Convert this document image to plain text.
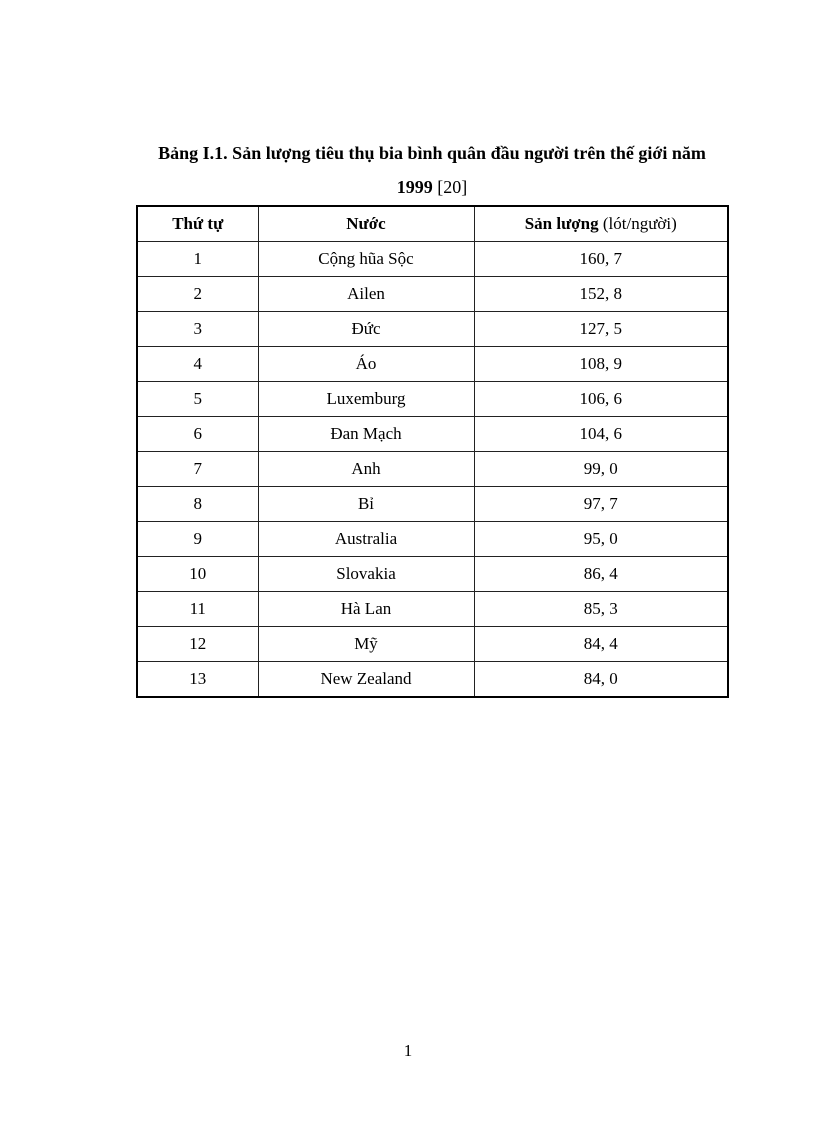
Bảng I.1. Sản lượng tiêu thụ bia bình quân đầu người trên thế giới năm
1999 [20]
Thứ tự	Nước	Sản lượng (lót/người)
1	Cộng hũa Sộc	160, 7
2	Ailen	152, 8
3	Đức	127, 5
4	Áo	108, 9
5	Luxemburg	106, 6
6	Đan Mạch	104, 6
7	Anh	99, 0
8	Bỉ	97, 7
9	Australia	95, 0
10	Slovakia	86, 4
11	Hà Lan	85, 3
12	Mỹ	84, 4
13	New Zealand	84, 0
1
